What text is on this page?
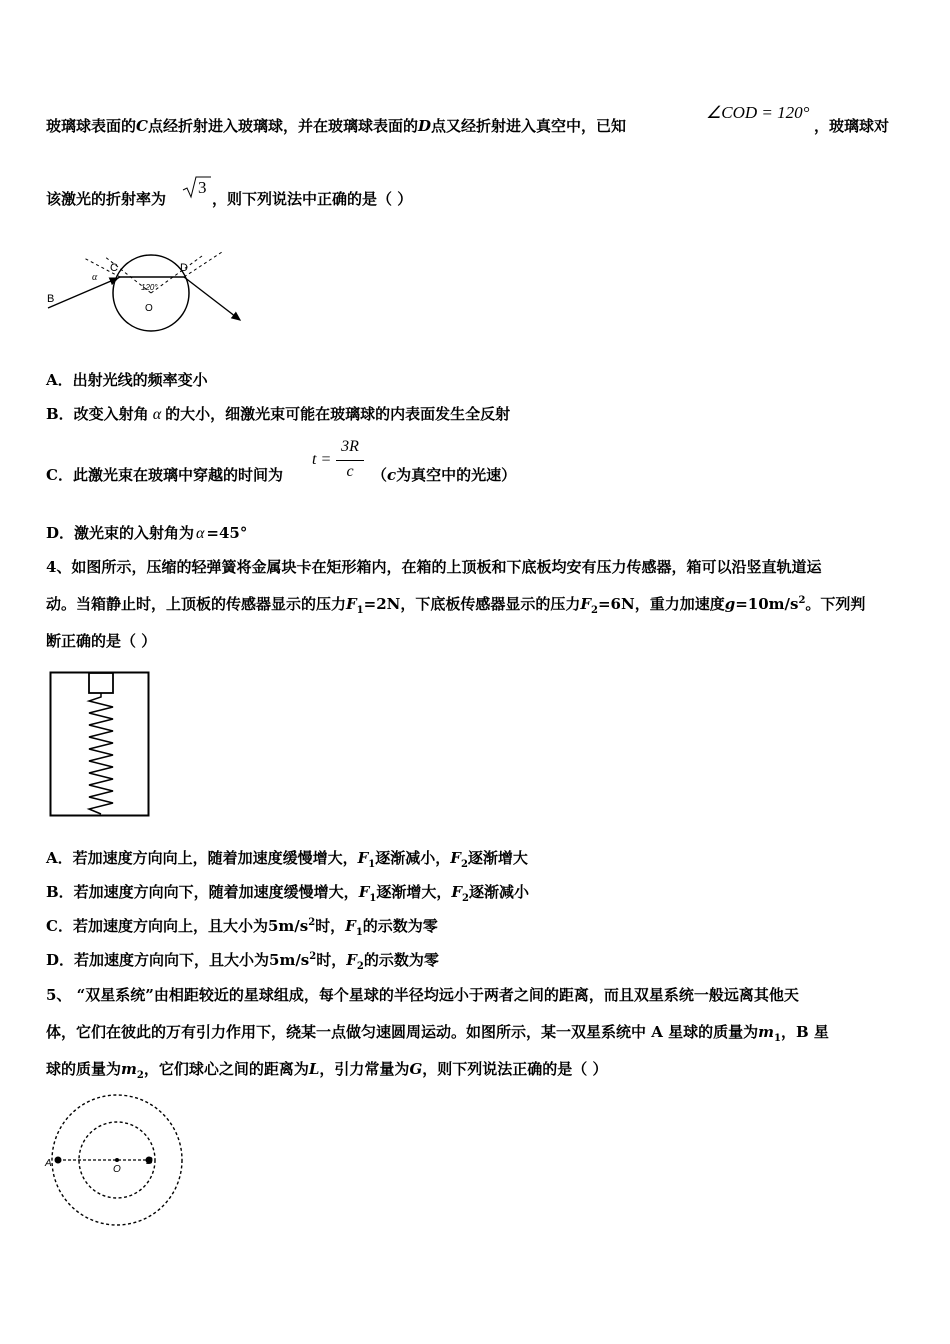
玻璃球表面的C点经折射进入玻璃球，并在玻璃球表面的D点又经折射进入真空中，已知
∠COD = 120°
，玻璃球对
该激光的折射率为
3
，则下列说法中正确的是（ ）
α
C	D
B
O
120°
A．出射光线的频率变小
B．改变入射角 α 的大小，细激光束可能在玻璃球的内表面发生全反射
C．此激光束在玻璃中穿越的时间为
t =
3R
c	（c为真空中的光速）
D．激光束的入射角为 α =45°
4、如图所示，压缩的轻弹簧将金属块卡在矩形箱内，在箱的上顶板和下底板均安有压力传感器，箱可以沿竖直轨道运
动。当箱静止时，上顶板的传感器显示的压力$F_1=2N$，下底板传感器显示的压力$F_2=6N$，重力加速度$g=10m/s^2$。下列判
断正确的是（ ）
A．若加速度方向向上，随着加速度缓慢增大，$F_1$逐渐减小，$F_2$逐渐增大
B．若加速度方向向下，随着加速度缓慢增大，$F_1$逐渐增大，$F_2$逐渐减小
C．若加速度方向向上，且大小为$5m/s^2$时，$F_1$的示数为零
D．若加速度方向向下，且大小为$5m/s^2$时，$F_2$的示数为零
5、 “双星系统”由相距较近的星球组成，每个星球的半径均远小于两者之间的距离，而且双星系统一般远离其他天
体，它们在彼此的万有引力作用下，绕某一点做匀速圆周运动。如图所示，某一双星系统中 A 星球的质量为$m_1$，B 星
球的质量为$m_2$，它们球心之间的距离为L，引力常量为G，则下列说法正确的是（ ）
A
O
B
